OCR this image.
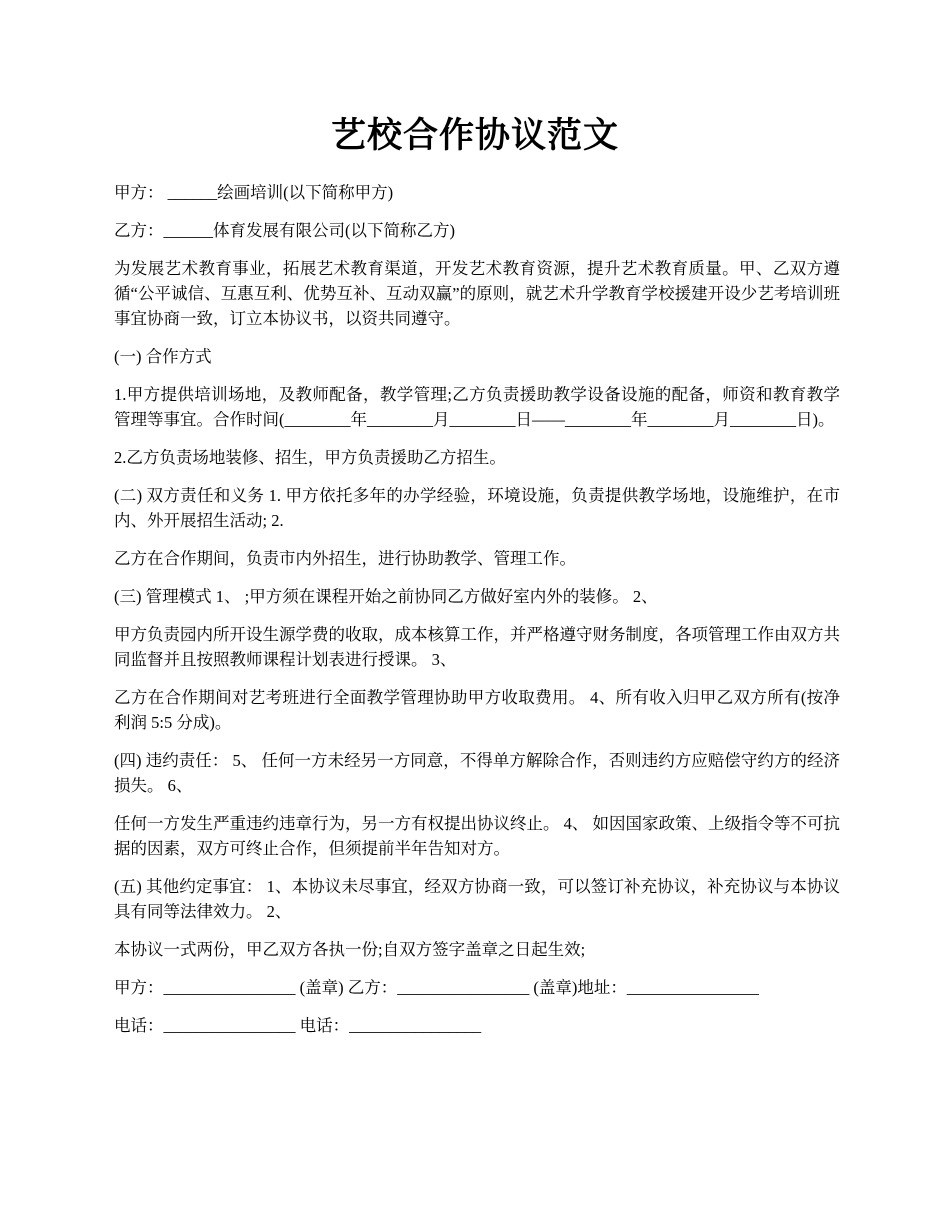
艺校合作协议范文

甲方： ______绘画培训(以下简称甲方)

乙方：______体育发展有限公司(以下简称乙方)

为发展艺术教育事业，拓展艺术教育渠道，开发艺术教育资源，提升艺术教育质量。甲、乙双方遵循“公平诚信、互惠互利、优势互补、互动双赢”的原则，就艺术升学教育学校援建开设少艺考培训班事宜协商一致，订立本协议书，以资共同遵守。

(一) 合作方式

1.甲方提供培训场地，及教师配备，教学管理;乙方负责援助教学设备设施的配备，师资和教育教学管理等事宜。合作时间(________年________月________日——________年________月________日)。

2.乙方负责场地装修、招生，甲方负责援助乙方招生。

(二) 双方责任和义务 1. 甲方依托多年的办学经验，环境设施，负责提供教学场地，设施维护，在市内、外开展招生活动; 2.

乙方在合作期间，负责市内外招生，进行协助教学、管理工作。

(三) 管理模式 1、 ;甲方须在课程开始之前协同乙方做好室内外的装修。 2、

甲方负责园内所开设生源学费的收取，成本核算工作，并严格遵守财务制度，各项管理工作由双方共同监督并且按照教师课程计划表进行授课。 3、

乙方在合作期间对艺考班进行全面教学管理协助甲方收取费用。 4、所有收入归甲乙双方所有(按净利润 5:5 分成)。

(四) 违约责任： 5、 任何一方未经另一方同意，不得单方解除合作，否则违约方应赔偿守约方的经济损失。 6、

任何一方发生严重违约违章行为，另一方有权提出协议终止。 4、 如因国家政策、上级指令等不可抗据的因素，双方可终止合作，但须提前半年告知对方。

(五) 其他约定事宜： 1、本协议未尽事宜，经双方协商一致，可以签订补充协议，补充协议与本协议具有同等法律效力。 2、

本协议一式两份，甲乙双方各执一份;自双方签字盖章之日起生效;

甲方：________________ (盖章) 乙方：________________ (盖章)地址：________________

电话：________________ 电话：________________
